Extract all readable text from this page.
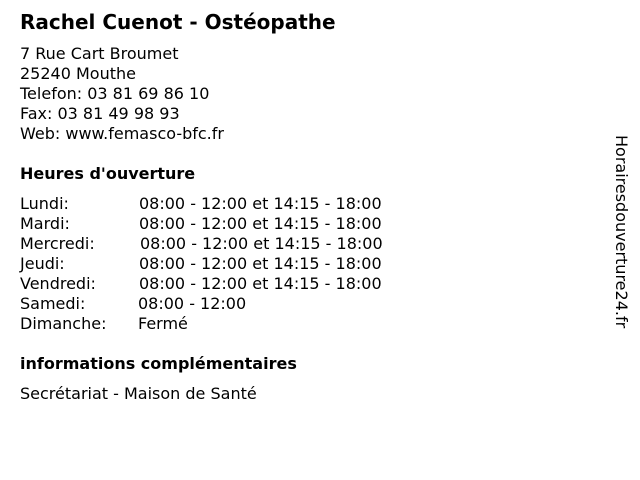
Rachel Cuenot - Ostéopathe
7 Rue Cart Broumet
25240 Mouthe
Telefon: 03 81 69 86 10
Fax: 03 81 49 98 93
Web: www.femasco-bfc.fr
Heures d'ouverture
Lundi:	08:00 - 12:00 et 14:15 - 18:00
Mardi:	08:00 - 12:00 et 14:15 - 18:00
Mercredi:	08:00 - 12:00 et 14:15 - 18:00
Jeudi:	08:00 - 12:00 et 14:15 - 18:00
Vendredi:	08:00 - 12:00 et 14:15 - 18:00
Samedi:	08:00 - 12:00
Dimanche: Fermé
informations complémentaires
Secrétariat - Maison de Santé
Horairesdouverture24.fr
